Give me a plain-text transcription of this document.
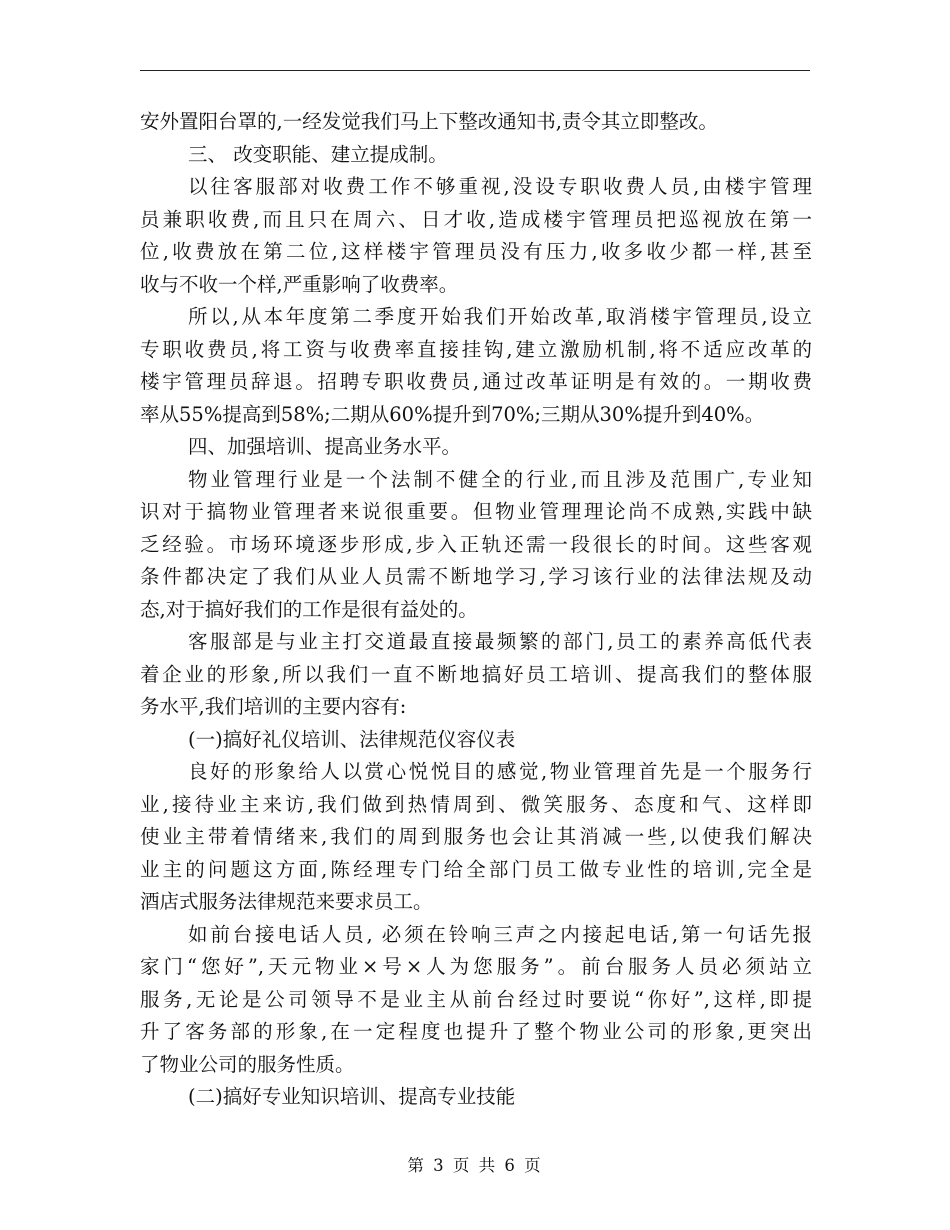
安外置阳台罩的,一经发觉我们马上下整改通知书,责令其立即整改。
三、 改变职能、建立提成制。
以往客服部对收费工作不够重视,没设专职收费人员,由楼宇管理
员兼职收费,而且只在周六、日才收,造成楼宇管理员把巡视放在第一
位,收费放在第二位,这样楼宇管理员没有压力,收多收少都一样,甚至
收与不收一个样,严重影响了收费率。
所以,从本年度第二季度开始我们开始改革,取消楼宇管理员,设立
专职收费员,将工资与收费率直接挂钩,建立激励机制,将不适应改革的
楼宇管理员辞退。招聘专职收费员,通过改革证明是有效的。一期收费
率从55%提高到58%;二期从60%提升到70%;三期从30%提升到40%。
四、加强培训、提高业务水平。
物业管理行业是一个法制不健全的行业,而且涉及范围广,专业知
识对于搞物业管理者来说很重要。但物业管理理论尚不成熟,实践中缺
乏经验。市场环境逐步形成,步入正轨还需一段很长的时间。这些客观
条件都决定了我们从业人员需不断地学习,学习该行业的法律法规及动
态,对于搞好我们的工作是很有益处的。
客服部是与业主打交道最直接最频繁的部门,员工的素养高低代表
着企业的形象,所以我们一直不断地搞好员工培训、提高我们的整体服
务水平,我们培训的主要内容有:
(一)搞好礼仪培训、法律规范仪容仪表
良好的形象给人以赏心悦悦目的感觉,物业管理首先是一个服务行
业,接待业主来访,我们做到热情周到、微笑服务、态度和气、这样即
使业主带着情绪来,我们的周到服务也会让其消减一些,以使我们解决
业主的问题这方面,陈经理专门给全部门员工做专业性的培训,完全是
酒店式服务法律规范来要求员工。
如前台接电话人员, 必须在铃响三声之内接起电话,第一句话先报
家门“您好”,天元物业×号×人为您服务”。前台服务人员必须站立
服务,无论是公司领导不是业主从前台经过时要说“你好”,这样,即提
升了客务部的形象,在一定程度也提升了整个物业公司的形象,更突出
了物业公司的服务性质。
(二)搞好专业知识培训、提高专业技能
第 3 页 共 6 页
